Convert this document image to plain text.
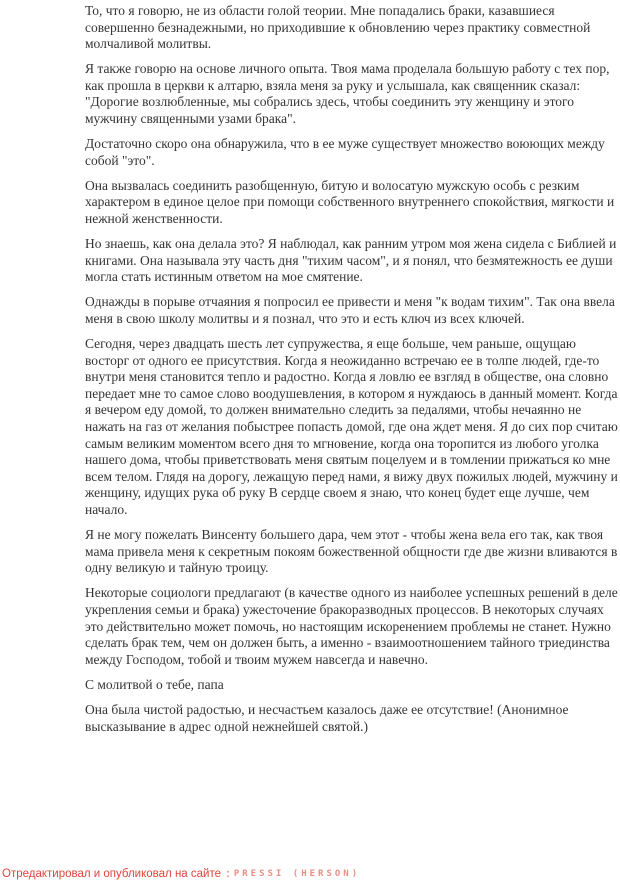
То, что я говорю, не из области голой теории. Мне попадались браки, казавшиеся совершенно безнадежными, но приходившие к обновлению через практику совместной молчаливой молитвы.

Я также говорю на основе личного опыта. Твоя мама проделала большую работу с тех пор, как прошла в церкви к алтарю, взяла меня за руку и услышала, как священник сказал: "Дорогие возлюбленные, мы собрались здесь, чтобы соединить эту женщину и этого мужчину священными узами брака".

Достаточно скоро она обнаружила, что в ее муже существует множество воюющих между собой "это".

Она вызвалась соединить разобщенную, битую и волосатую мужскую особь с резким характером в единое целое при помощи собственного внутреннего спокойствия, мягкости и нежной женственности.

Но знаешь, как она делала это? Я наблюдал, как ранним утром моя жена сидела с Библией и книгами. Она называла эту часть дня "тихим часом", и я понял, что безмятежность ее души могла стать истинным ответом на мое смятение.

Однажды в порыве отчаяния я попросил ее привести и меня "к водам тихим". Так она ввела меня в свою школу молитвы и я познал, что это и есть ключ из всех ключей.

Сегодня, через двадцать шесть лет супружества, я еще больше, чем раньше, ощущаю восторг от одного ее присутствия. Когда я неожиданно встречаю ее в толпе людей, где-то внутри меня становится тепло и радостно. Когда я ловлю ее взгляд в обществе, она словно передает мне то самое слово воодушевления, в котором я нуждаюсь в данный момент. Когда я вечером еду домой, то должен внимательно следить за педалями, чтобы нечаянно не нажать на газ от желания побыстрее попасть домой, где она ждет меня. Я до сих пор считаю самым великим моментом всего дня то мгновение, когда она торопится из любого уголка нашего дома, чтобы приветствовать меня святым поцелуем и в томлении прижаться ко мне всем телом. Глядя на дорогу, лежащую перед нами, я вижу двух пожилых людей, мужчину и женщину, идущих рука об руку В сердце своем я знаю, что конец будет еще лучше, чем начало.

Я не могу пожелать Винсенту большего дара, чем этот - чтобы жена вела его так, как твоя мама привела меня к секретным покоям божественной общности где две жизни вливаются в одну великую и тайную троицу.

Некоторые социологи предлагают (в качестве одного из наиболее успешных решений в деле укрепления семьи и брака) ужесточение бракоразводных процессов. В некоторых случаях это действительно может помочь, но настоящим искоренением проблемы не станет. Нужно сделать брак тем, чем он должен быть, а именно - взаимоотношением тайного триединства между Господом, тобой и твоим мужем навсегда и навечно.

С молитвой о тебе, папа

Она была чистой радостью, и несчастьем казалось даже ее отсутствие! (Анонимное высказывание в адрес одной нежнейшей святой.)

Отредактировал и опубликовал на сайте : PRESSI (HERSON)
